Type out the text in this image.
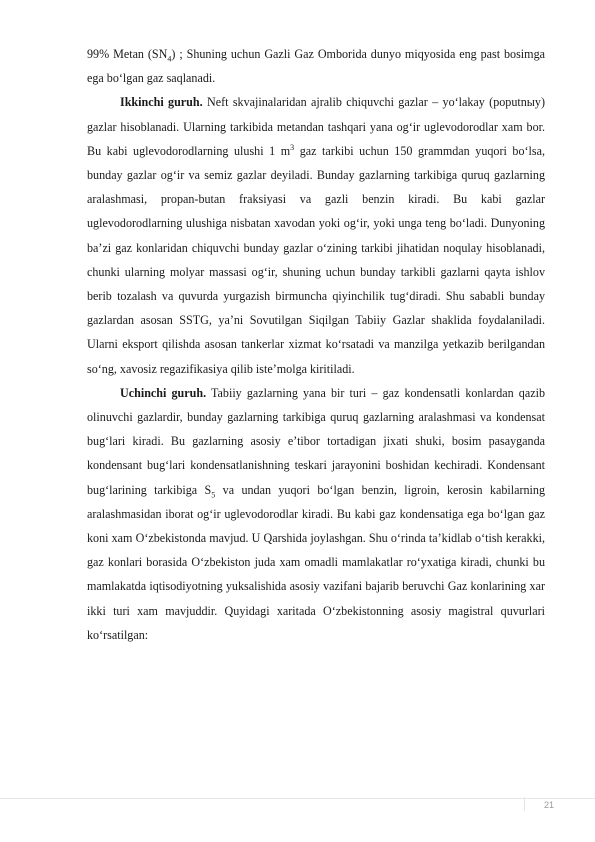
99% Metan $(SN_4)$ ; Shuning uchun Gazli Gaz Omborida dunyo miqyosida eng past bosimga ega bo‘lgan gaz saqlanadi.

Ikkinchi guruh. Neft skvajinalaridan ajralib chiquvchi gazlar – yo‘lakay (poputnыy) gazlar hisoblanadi. Ularning tarkibida metandan tashqari yana og‘ir uglevodorodlar xam bor. Bu kabi uglevodorodlarning ulushi 1 $m^3$ gaz tarkibi uchun 150 grammdan yuqori bo‘lsa, bunday gazlar og‘ir va semiz gazlar deyiladi. Bunday gazlarning tarkibiga quruq gazlarning aralashmasi, propan-butan fraksiyasi va gazli benzin kiradi. Bu kabi gazlar uglevodorodlarning ulushiga nisbatan xavodan yoki og‘ir, yoki unga teng bo‘ladi. Dunyoning ba’zi gaz konlaridan chiquvchi bunday gazlar o‘zining tarkibi jihatidan noqulay hisoblanadi, chunki ularning molyar massasi og‘ir, shuning uchun bunday tarkibli gazlarni qayta ishlov berib tozalash va quvurda yurgazish birmuncha qiyinchilik tug‘diradi. Shu sababli bunday gazlardan asosan SSTG, ya’ni Sovutilgan Siqilgan Tabiiy Gazlar shaklida foydalaniladi. Ularni eksport qilishda asosan tankerlar xizmat ko‘rsatadi va manzilga yetkazib berilgandan so‘ng, xavosiz regazifikasiya qilib iste’molga kiritiladi.

Uchinchi guruh. Tabiiy gazlarning yana bir turi – gaz kondensatli konlardan qazib olinuvchi gazlardir, bunday gazlarning tarkibiga quruq gazlarning aralashmasi va kondensat bug‘lari kiradi. Bu gazlarning asosiy e’tibor tortadigan jixati shuki, bosim pasayganda kondensant bug‘lari kondensatlanishning teskari jarayonini boshidan kechiradi. Kondensant bug‘larining tarkibiga $S_5$ va undan yuqori bo‘lgan benzin, ligroin, kerosin kabilarning aralashmasidan iborat og‘ir uglevodorodlar kiradi. Bu kabi gaz kondensatiga ega bo‘lgan gaz koni xam O‘zbekistonda mavjud. U Qarshida joylashgan. Shu o‘rinda ta’kidlab o‘tish kerakki, gaz konlari borasida O‘zbekiston juda xam omadli mamlakatlar ro‘yxatiga kiradi, chunki bu mamlakatda iqtisodiyotning yuksalishida asosiy vazifani bajarib beruvchi Gaz konlarining xar ikki turi xam mavjuddir. Quyidagi xaritada O‘zbekistonning asosiy magistral quvurlari ko‘rsatilgan:

21
